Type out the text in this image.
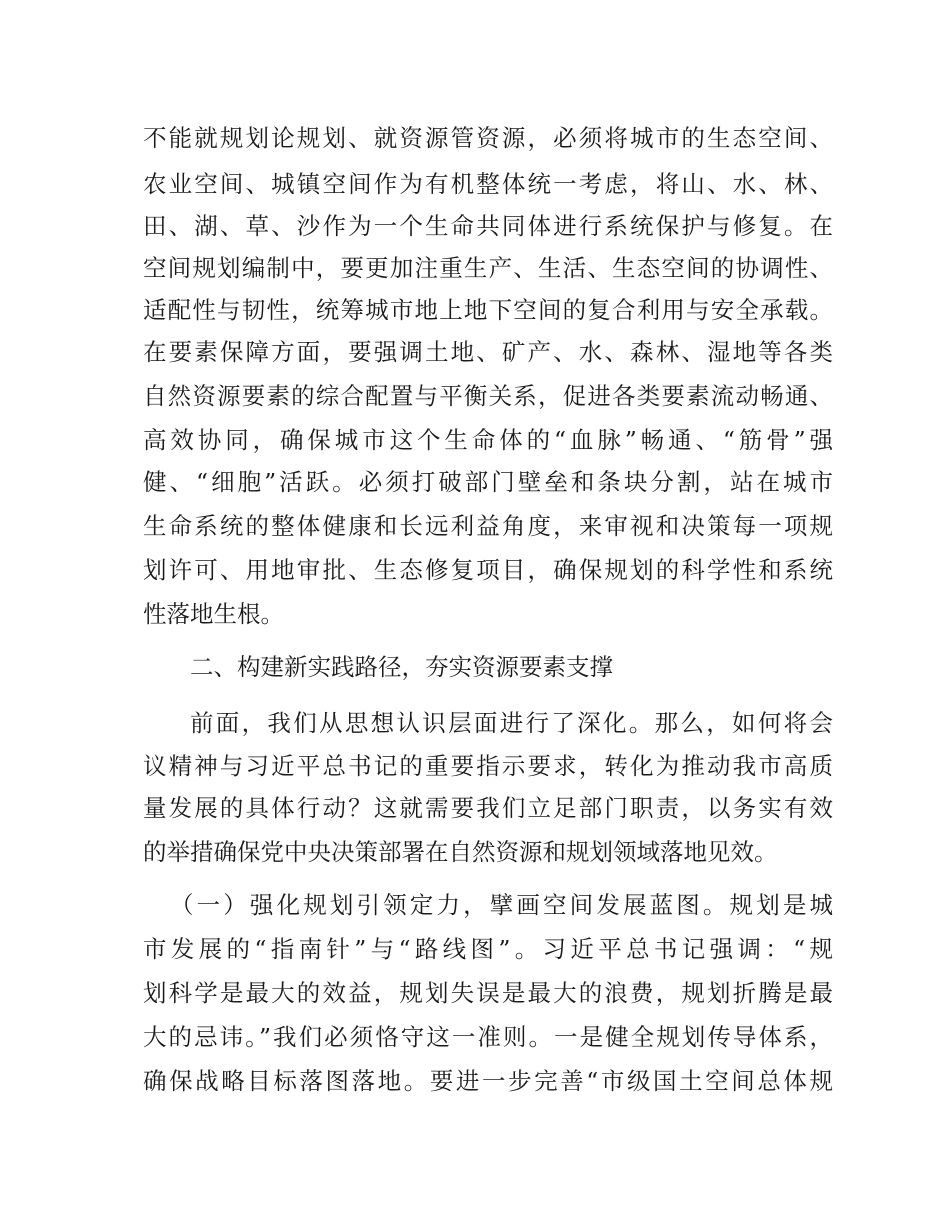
不能就规划论规划、就资源管资源，必须将城市的生态空间、
农业空间、城镇空间作为有机整体统一考虑，将山、水、林、
田、湖、草、沙作为一个生命共同体进行系统保护与修复。在
空间规划编制中，要更加注重生产、生活、生态空间的协调性、
适配性与韧性，统筹城市地上地下空间的复合利用与安全承载。
在要素保障方面，要强调土地、矿产、水、森林、湿地等各类
自然资源要素的综合配置与平衡关系，促进各类要素流动畅通、
高效协同，确保城市这个生命体的“血脉”畅通、“筋骨”强
健、“细胞”活跃。必须打破部门壁垒和条块分割，站在城市
生命系统的整体健康和长远利益角度，来审视和决策每一项规
划许可、用地审批、生态修复项目，确保规划的科学性和系统
性落地生根。
二、构建新实践路径，夯实资源要素支撑
前面，我们从思想认识层面进行了深化。那么，如何将会
议精神与习近平总书记的重要指示要求，转化为推动我市高质
量发展的具体行动？这就需要我们立足部门职责，以务实有效
的举措确保党中央决策部署在自然资源和规划领域落地见效。
（一）强化规划引领定力，擘画空间发展蓝图。规划是城
市发展的“指南针”与“路线图”。习近平总书记强调：“规
划科学是最大的效益，规划失误是最大的浪费，规划折腾是最
大的忌讳。”我们必须恪守这一准则。一是健全规划传导体系，
确保战略目标落图落地。要进一步完善“市级国土空间总体规
